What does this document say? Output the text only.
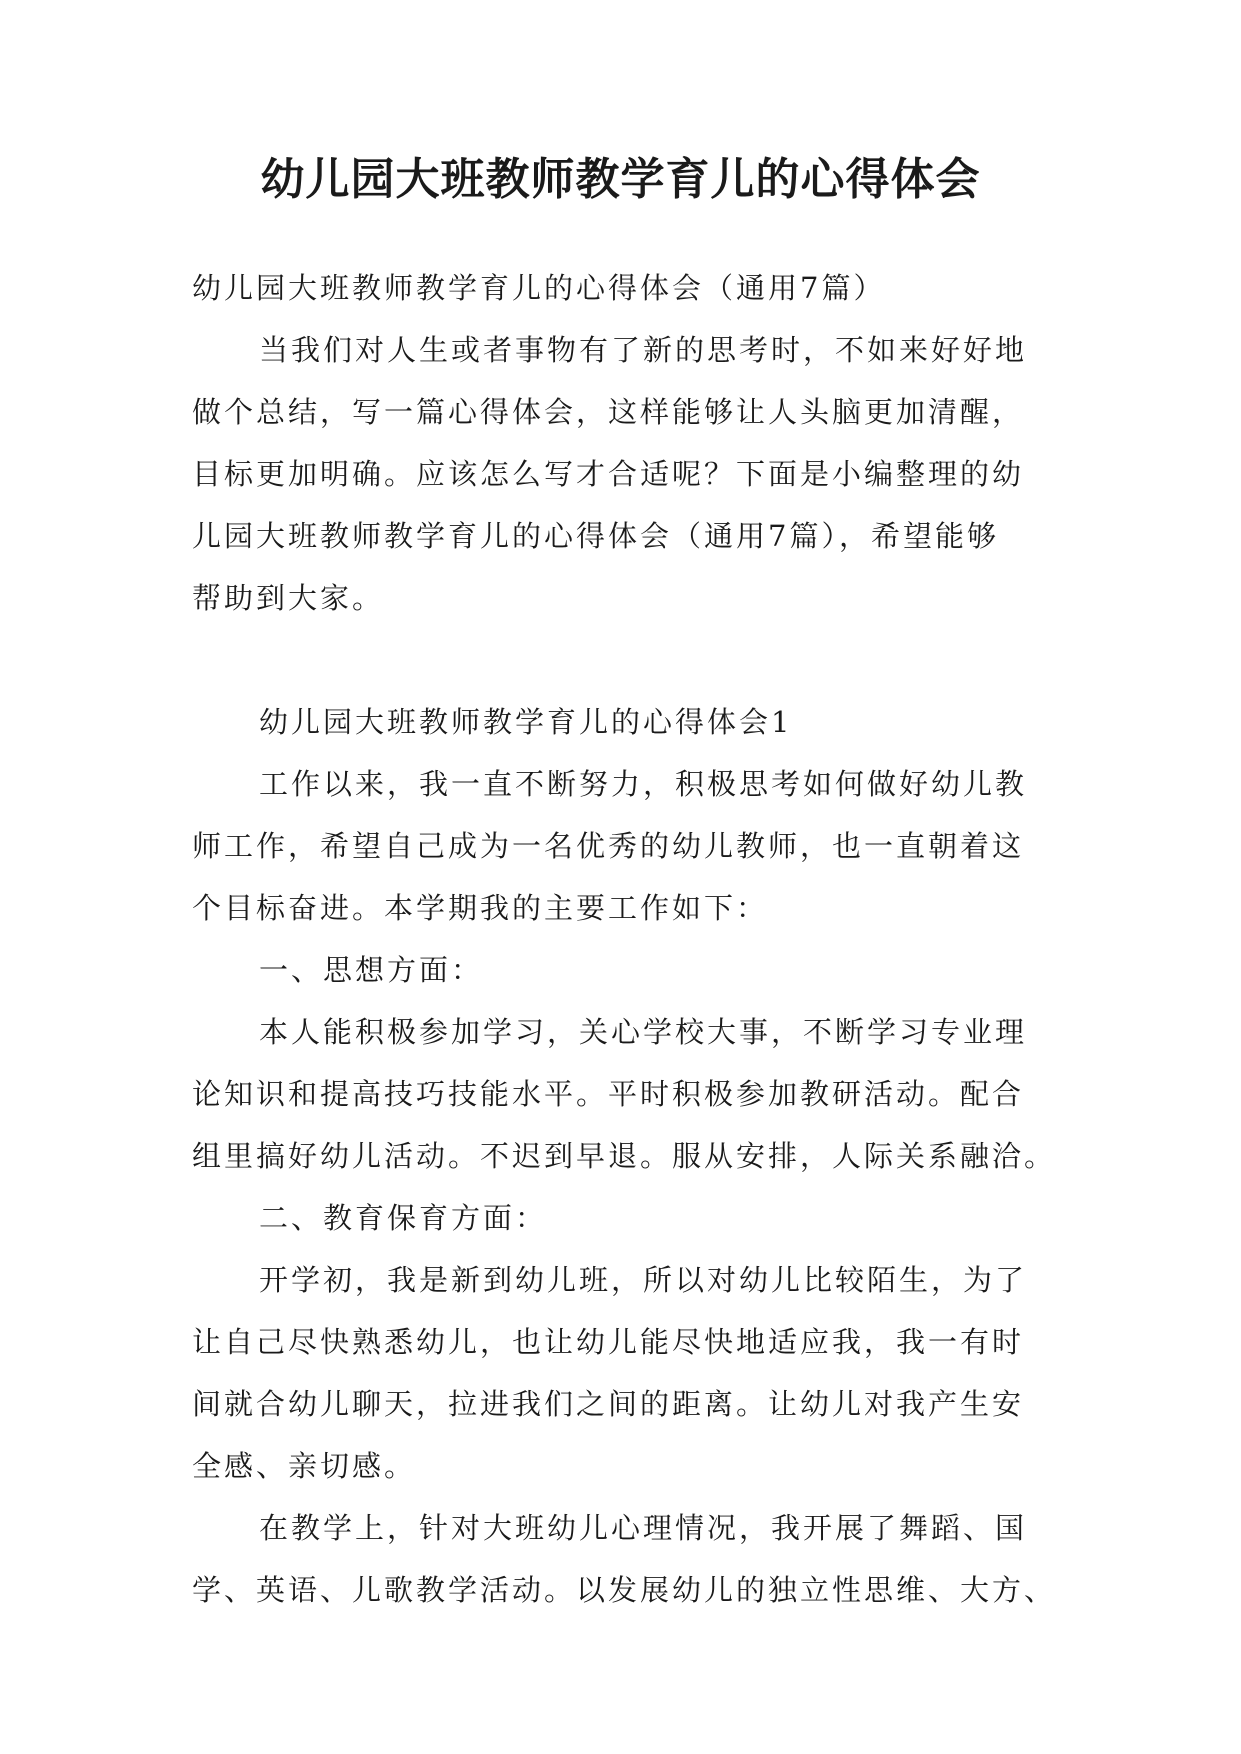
幼儿园大班教师教学育儿的心得体会

幼儿园大班教师教学育儿的心得体会（通用7篇）

当我们对人生或者事物有了新的思考时，不如来好好地

做个总结，写一篇心得体会，这样能够让人头脑更加清醒，

目标更加明确。应该怎么写才合适呢？下面是小编整理的幼

儿园大班教师教学育儿的心得体会（通用7篇），希望能够

帮助到大家。

幼儿园大班教师教学育儿的心得体会1

工作以来，我一直不断努力，积极思考如何做好幼儿教

师工作，希望自己成为一名优秀的幼儿教师，也一直朝着这

个目标奋进。本学期我的主要工作如下：

一、思想方面：

本人能积极参加学习，关心学校大事，不断学习专业理

论知识和提高技巧技能水平。平时积极参加教研活动。配合

组里搞好幼儿活动。不迟到早退。服从安排，人际关系融洽。

二、教育保育方面：

开学初，我是新到幼儿班，所以对幼儿比较陌生，为了

让自己尽快熟悉幼儿，也让幼儿能尽快地适应我，我一有时

间就合幼儿聊天，拉进我们之间的距离。让幼儿对我产生安

全感、亲切感。

在教学上，针对大班幼儿心理情况，我开展了舞蹈、国

学、英语、儿歌教学活动。以发展幼儿的独立性思维、大方、
